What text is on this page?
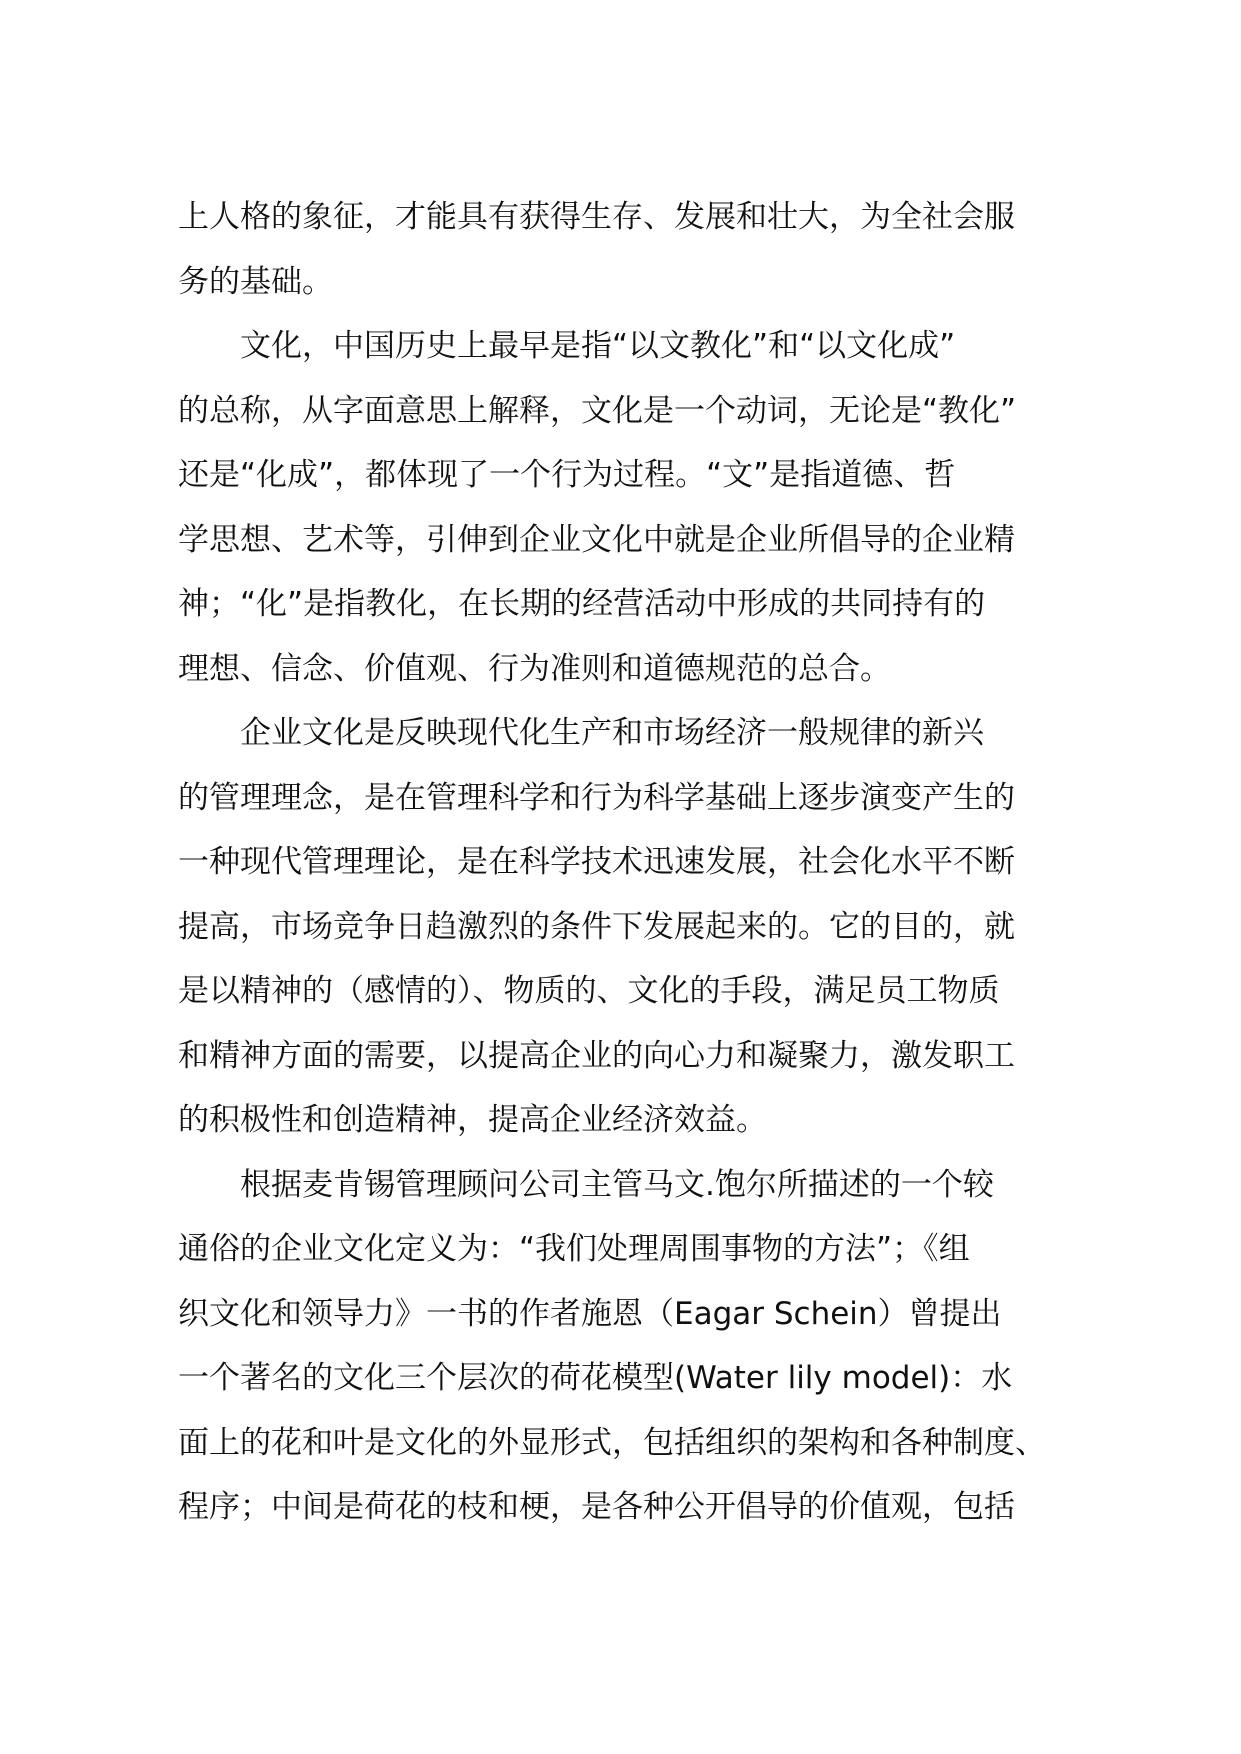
上人格的象征，才能具有获得生存、发展和壮大，为全社会服
务的基础。
　　文化，中国历史上最早是指“以文教化”和“以文化成”
的总称，从字面意思上解释，文化是一个动词，无论是“教化”
还是“化成”，都体现了一个行为过程。“文”是指道德、哲
学思想、艺术等，引伸到企业文化中就是企业所倡导的企业精
神；“化”是指教化，在长期的经营活动中形成的共同持有的
理想、信念、价值观、行为准则和道德规范的总合。
　　企业文化是反映现代化生产和市场经济一般规律的新兴
的管理理念，是在管理科学和行为科学基础上逐步演变产生的
一种现代管理理论，是在科学技术迅速发展，社会化水平不断
提高，市场竞争日趋激烈的条件下发展起来的。它的目的，就
是以精神的（感情的）、物质的、文化的手段，满足员工物质
和精神方面的需要，以提高企业的向心力和凝聚力，激发职工
的积极性和创造精神，提高企业经济效益。
　　根据麦肯锡管理顾问公司主管马文.饱尔所描述的一个较
通俗的企业文化定义为：“我们处理周围事物的方法”；《组
织文化和领导力》一书的作者施恩（Eagar Schein）曾提出
一个著名的文化三个层次的荷花模型(Water lily model)：水
面上的花和叶是文化的外显形式，包括组织的架构和各种制度、
程序；中间是荷花的枝和梗，是各种公开倡导的价值观，包括
